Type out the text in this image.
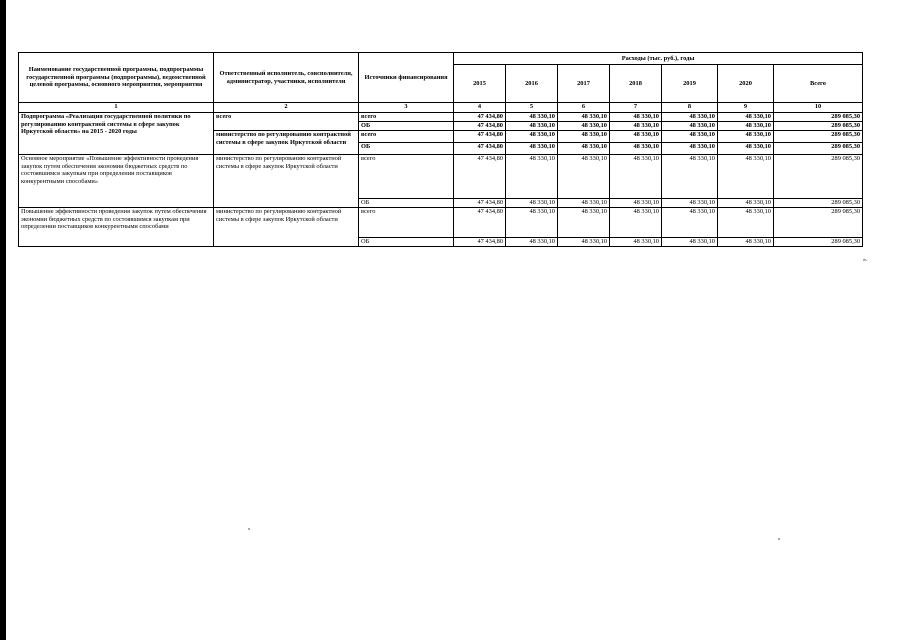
Наименование государственной программы, подпрограммы государственной программы (подпрограммы), ведомственной целевой программы, основного мероприятия, мероприятия	Ответственный исполнитель, соисполнители, администратор, участники, исполнители	Источники финансирования	Расходы (тыс. руб.), годы						
			2015	2016	2017	2018	2019	2020	Всего
1	2	3	4	5	6	7	8	9	10
Подпрограмма «Реализация государственной политики по регулированию контрактной системы в сфере закупок Иркутской области» на 2015 - 2020 годы	всего	всего	47 434,80	48 330,10	48 330,10	48 330,10	48 330,10	48 330,10	289 085,30
		ОБ	47 434,80	48 330,10	48 330,10	48 330,10	48 330,10	48 330,10	289 085,30
	министерство по регулированию контрактной системы в сфере закупок Иркутской области	всего	47 434,80	48 330,10	48 330,10	48 330,10	48 330,10	48 330,10	289 085,30
		ОБ	47 434,80	48 330,10	48 330,10	48 330,10	48 330,10	48 330,10	289 085,30
Основное мероприятие «Повышение эффективности проведения закупок путем обеспечения экономии бюджетных средств по состоявшимся закупкам при определении поставщиков конкурентными способами»	министерство по регулированию контрактной системы в сфере закупок Иркутской области	всего	47 434,80	48 330,10	48 330,10	48 330,10	48 330,10	48 330,10	289 085,30
		ОБ	47 434,80	48 330,10	48 330,10	48 330,10	48 330,10	48 330,10	289 085,30
Повышение эффективности проведения закупок путем обеспечения экономии бюджетных средств по состоявшимся закупкам при определении поставщиков конкурентными способами	министерство по регулированию контрактной системы в сфере закупок Иркутской области	всего	47 434,80	48 330,10	48 330,10	48 330,10	48 330,10	48 330,10	289 085,30
		ОБ	47 434,80	48 330,10	48 330,10	48 330,10	48 330,10	48 330,10	289 085,30
».
